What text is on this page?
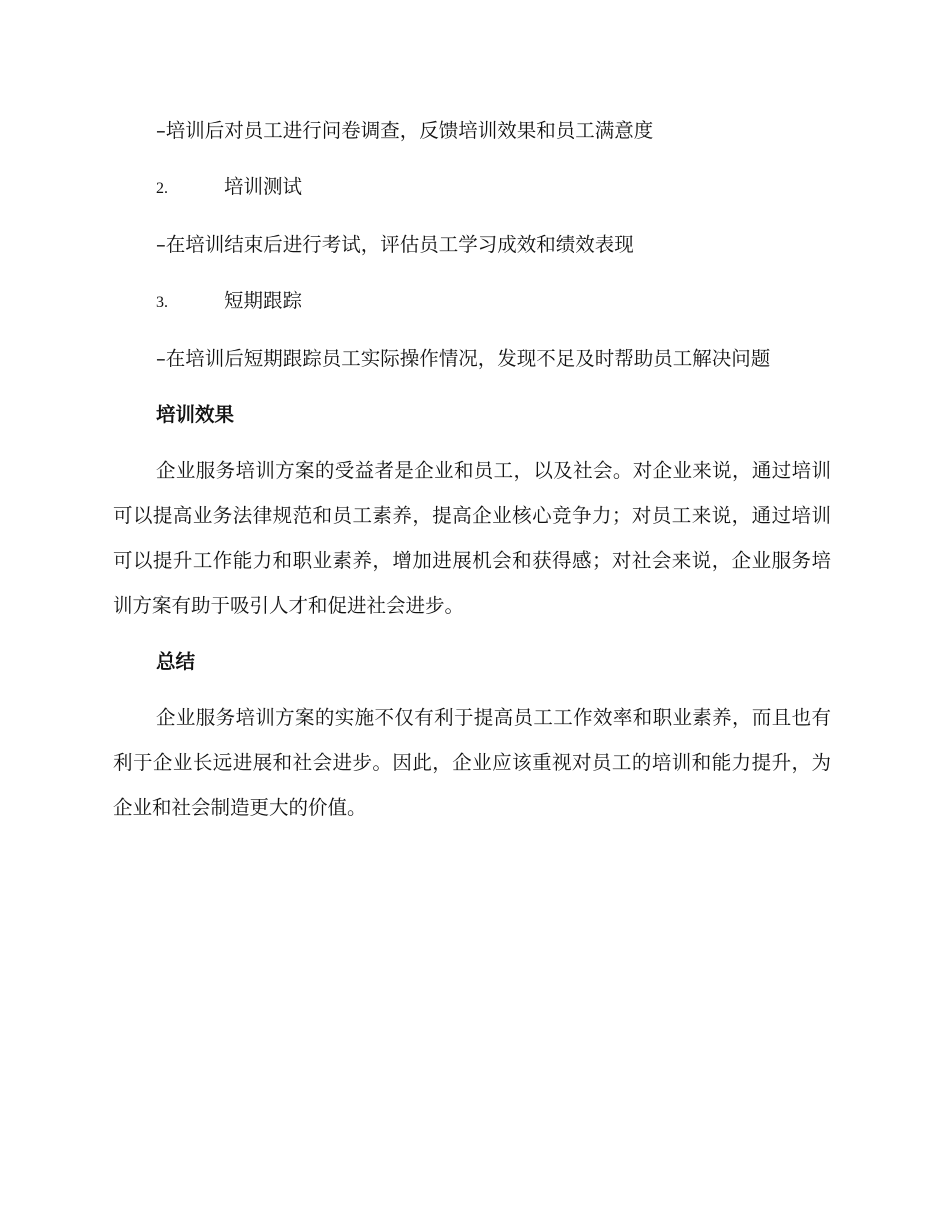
–培训后对员工进行问卷调查，反馈培训效果和员工满意度

2.	培训测试

–在培训结束后进行考试，评估员工学习成效和绩效表现

3.	短期跟踪

–在培训后短期跟踪员工实际操作情况，发现不足及时帮助员工解决问题

培训效果

企业服务培训方案的受益者是企业和员工，以及社会。对企业来说，通过培训可以提高业务法律规范和员工素养，提高企业核心竞争力；对员工来说，通过培训可以提升工作能力和职业素养，增加进展机会和获得感；对社会来说，企业服务培训方案有助于吸引人才和促进社会进步。

总结

企业服务培训方案的实施不仅有利于提高员工工作效率和职业素养，而且也有利于企业长远进展和社会进步。因此，企业应该重视对员工的培训和能力提升，为企业和社会制造更大的价值。
